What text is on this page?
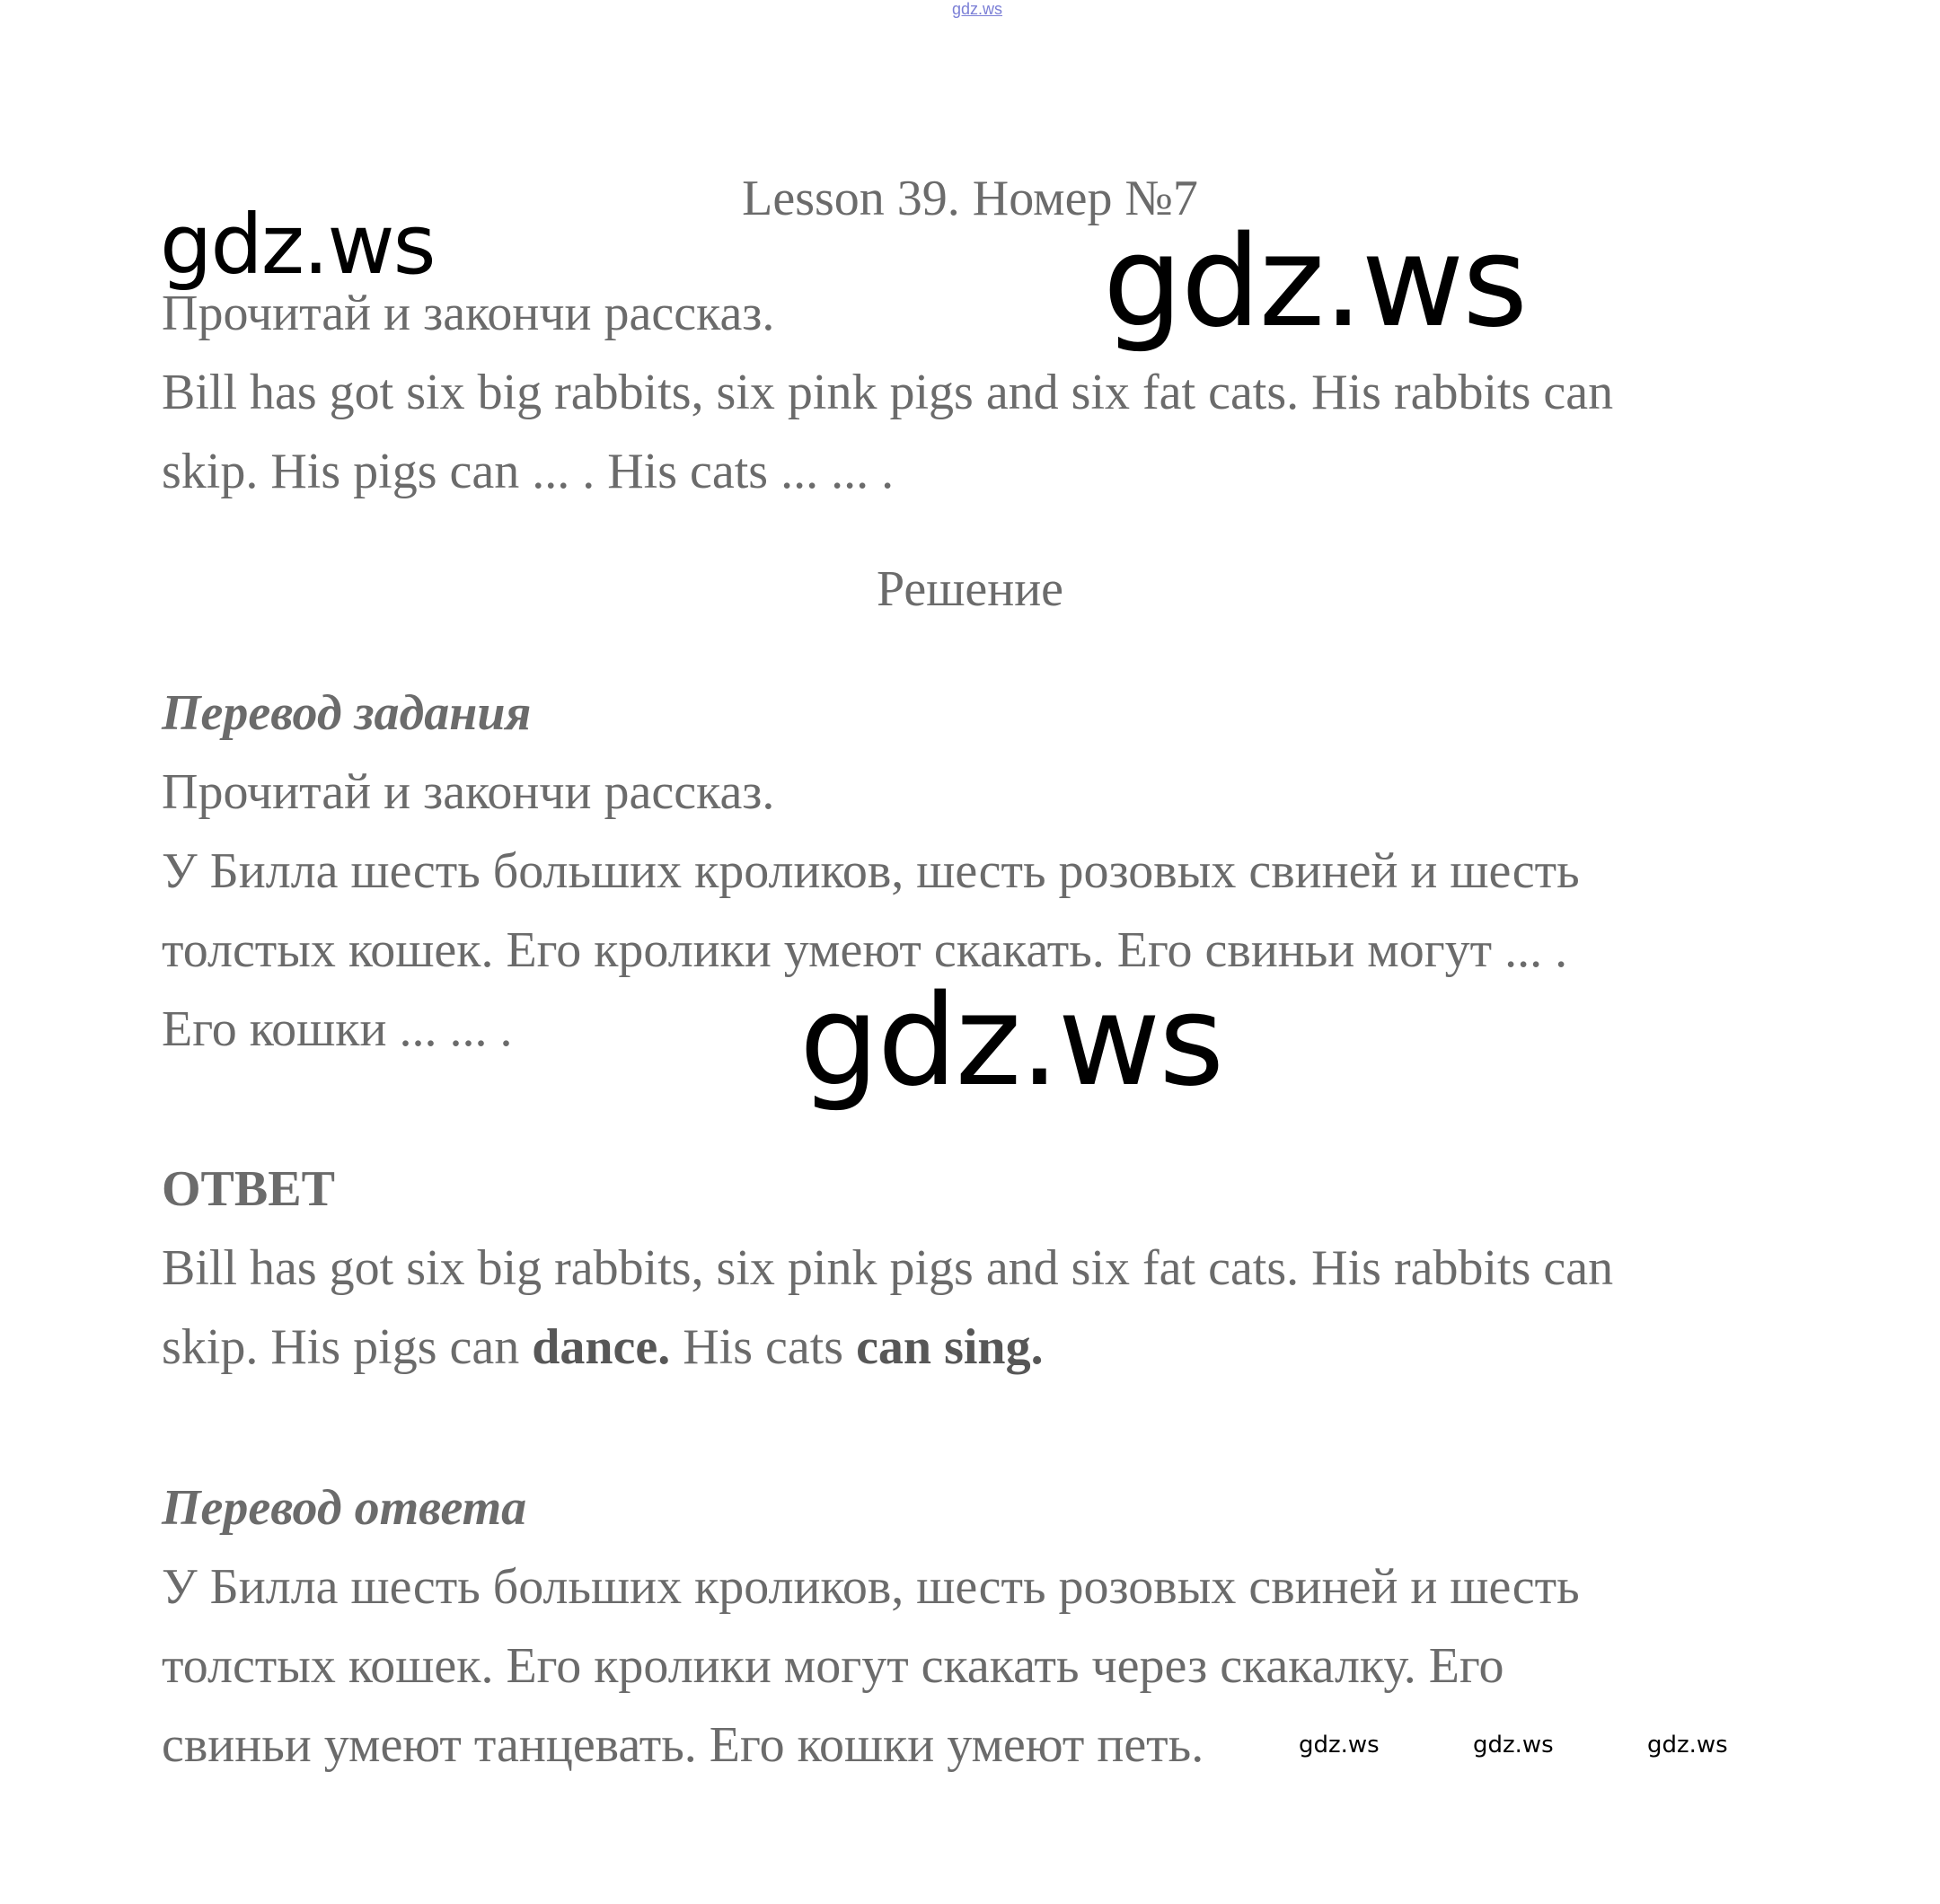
gdz.ws
Lesson 39. Номер №7

Прочитай и закончи рассказ.

Bill has got six big rabbits, six pink pigs and six fat cats. His rabbits can

skip. His pigs can ... . His cats ... ... .

Решение

Перевод задания

Прочитай и закончи рассказ.

У Билла шесть больших кроликов, шесть розовых свиней и шесть

толстых кошек. Его кролики умеют скакать. Его свиньи могут ... .

Его кошки ... ... .

ОТВЕТ

Bill has got six big rabbits, six pink pigs and six fat cats. His rabbits can

skip. His pigs can dance. His cats can sing.

Перевод ответа

У Билла шесть больших кроликов, шесть розовых свиней и шесть

толстых кошек. Его кролики могут скакать через скакалку. Его

свиньи умеют танцевать. Его кошки умеют петь.

gdz.ws	gdz.ws
gdz.ws
gdz.ws	gdz.ws	gdz.ws
